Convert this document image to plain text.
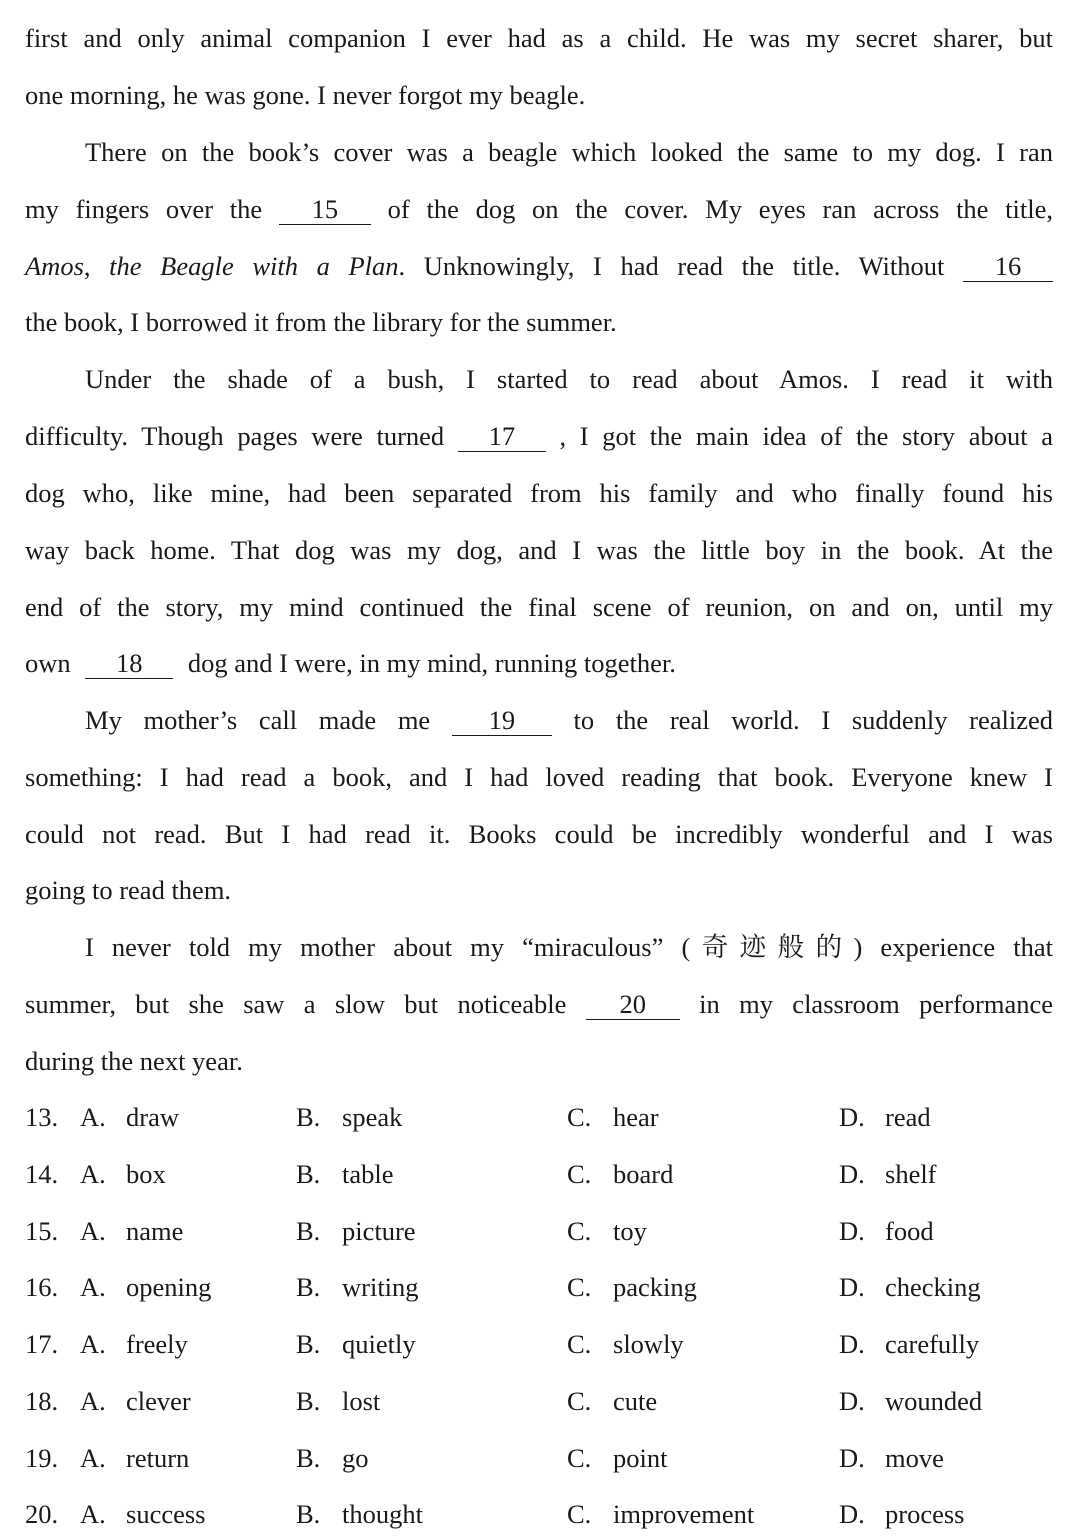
first and only animal companion I ever had as a child. He was my secret sharer, but
one morning, he was gone. I never forgot my beagle.
There on the book’s cover was a beagle which looked the same to my dog. I ran
my fingers over the 15 of the dog on the cover. My eyes ran across the title,
Amos, the Beagle with a Plan. Unknowingly, I had read the title. Without 16
the book, I borrowed it from the library for the summer.
Under the shade of a bush, I started to read about Amos. I read it with
difficulty. Though pages were turned 17 , I got the main idea of the story about a
dog who, like mine, had been separated from his family and who finally found his
way back home. That dog was my dog, and I was the little boy in the book. At the
end of the story, my mind continued the final scene of reunion, on and on, until my
own 18 dog and I were, in my mind, running together.
My mother’s call made me 19 to the real world. I suddenly realized
something: I had read a book, and I had loved reading that book. Everyone knew I
could not read. But I had read it. Books could be incredibly wonderful and I was
going to read them.
I never told my mother about my “miraculous” (奇迹般的) experience that
summer, but she saw a slow but noticeable 20 in my classroom performance
during the next year.
13. A. draw	B. speak	C. hear	D. read
14. A. box	B. table	C. board	D. shelf
15. A. name	B. picture	C. toy	D. food
16. A. opening	B. writing	C. packing	D. checking
17. A. freely	B. quietly	C. slowly	D. carefully
18. A. clever	B. lost	C. cute	D. wounded
19. A. return	B. go	C. point	D. move
20. A. success	B. thought	C. improvement	D. process
